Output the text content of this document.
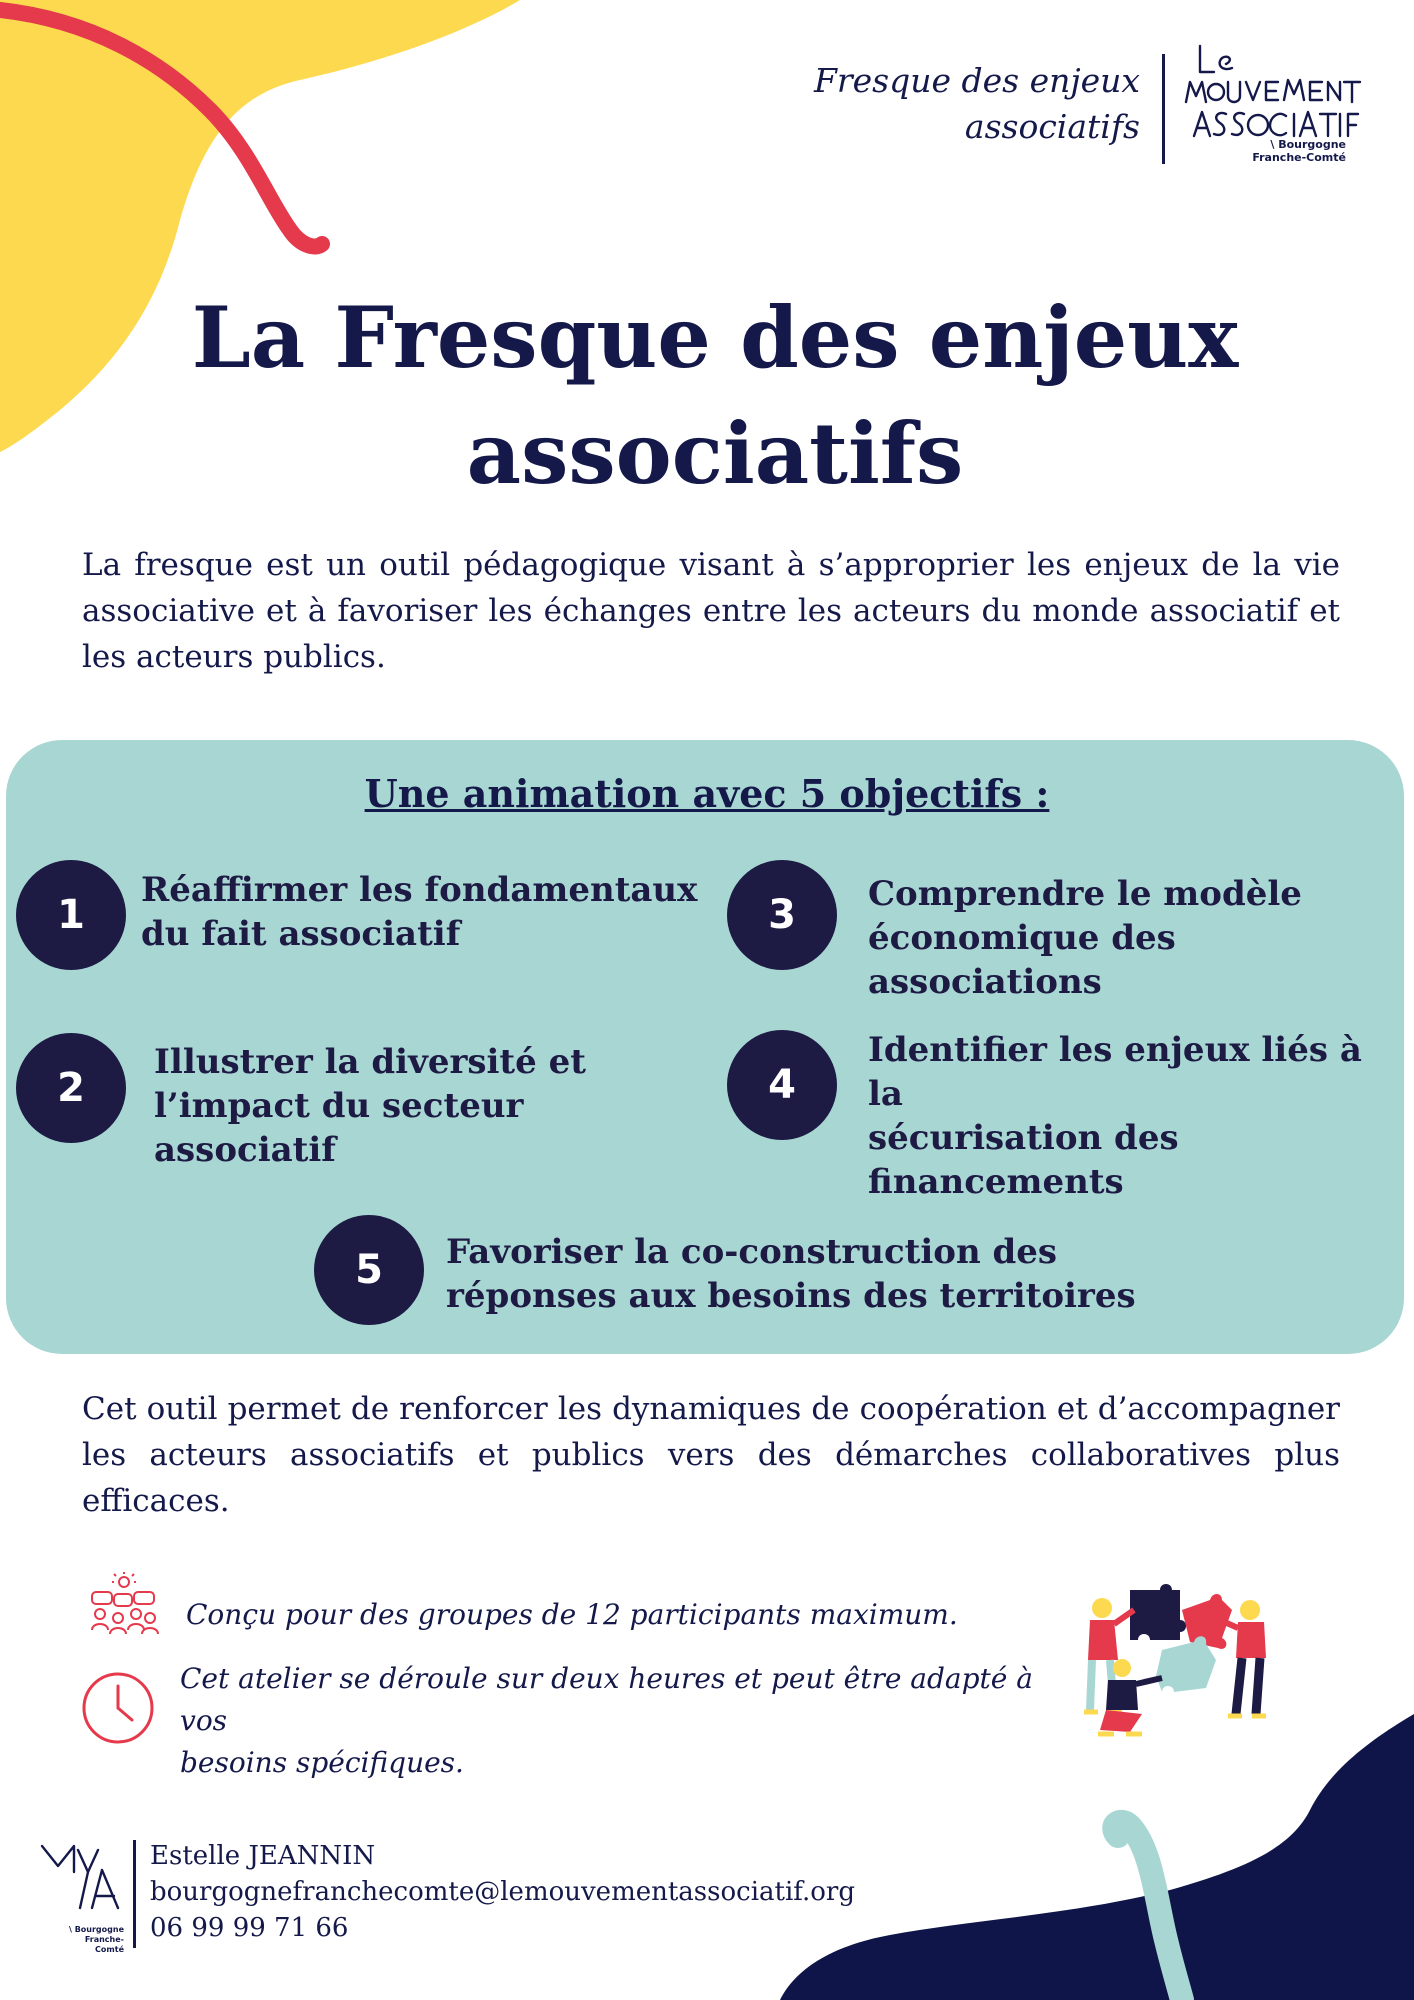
Fresque des enjeux
associatifs	\ Bourgogne
Franche-Comté
La Fresque des enjeux
associatifs
La fresque est un outil pédagogique visant à s’approprier les enjeux de la vie associative et à favoriser les échanges entre les acteurs du monde associatif et les acteurs publics.
Une animation avec 5 objectifs :
1
Réaffirmer les fondamentaux
du fait associatif	3	Comprendre le modèle
économique des associations
2
Illustrer la diversité et
l’impact du secteur associatif
4
Identifier les enjeux liés à la
sécurisation des
financements
5	Favoriser la co-construction des
réponses aux besoins des territoires
Cet outil permet de renforcer les dynamiques de coopération et d’accompagner les acteurs associatifs et publics vers des démarches collaboratives plus efficaces.
Conçu pour des groupes de 12 participants maximum.
Cet atelier se déroule sur deux heures et peut être adapté à vos
besoins spécifiques.
\ Bourgogne
Franche-Comté
Estelle JEANNIN
bourgognefranchecomte@lemouvementassociatif.org
06 99 99 71 66
